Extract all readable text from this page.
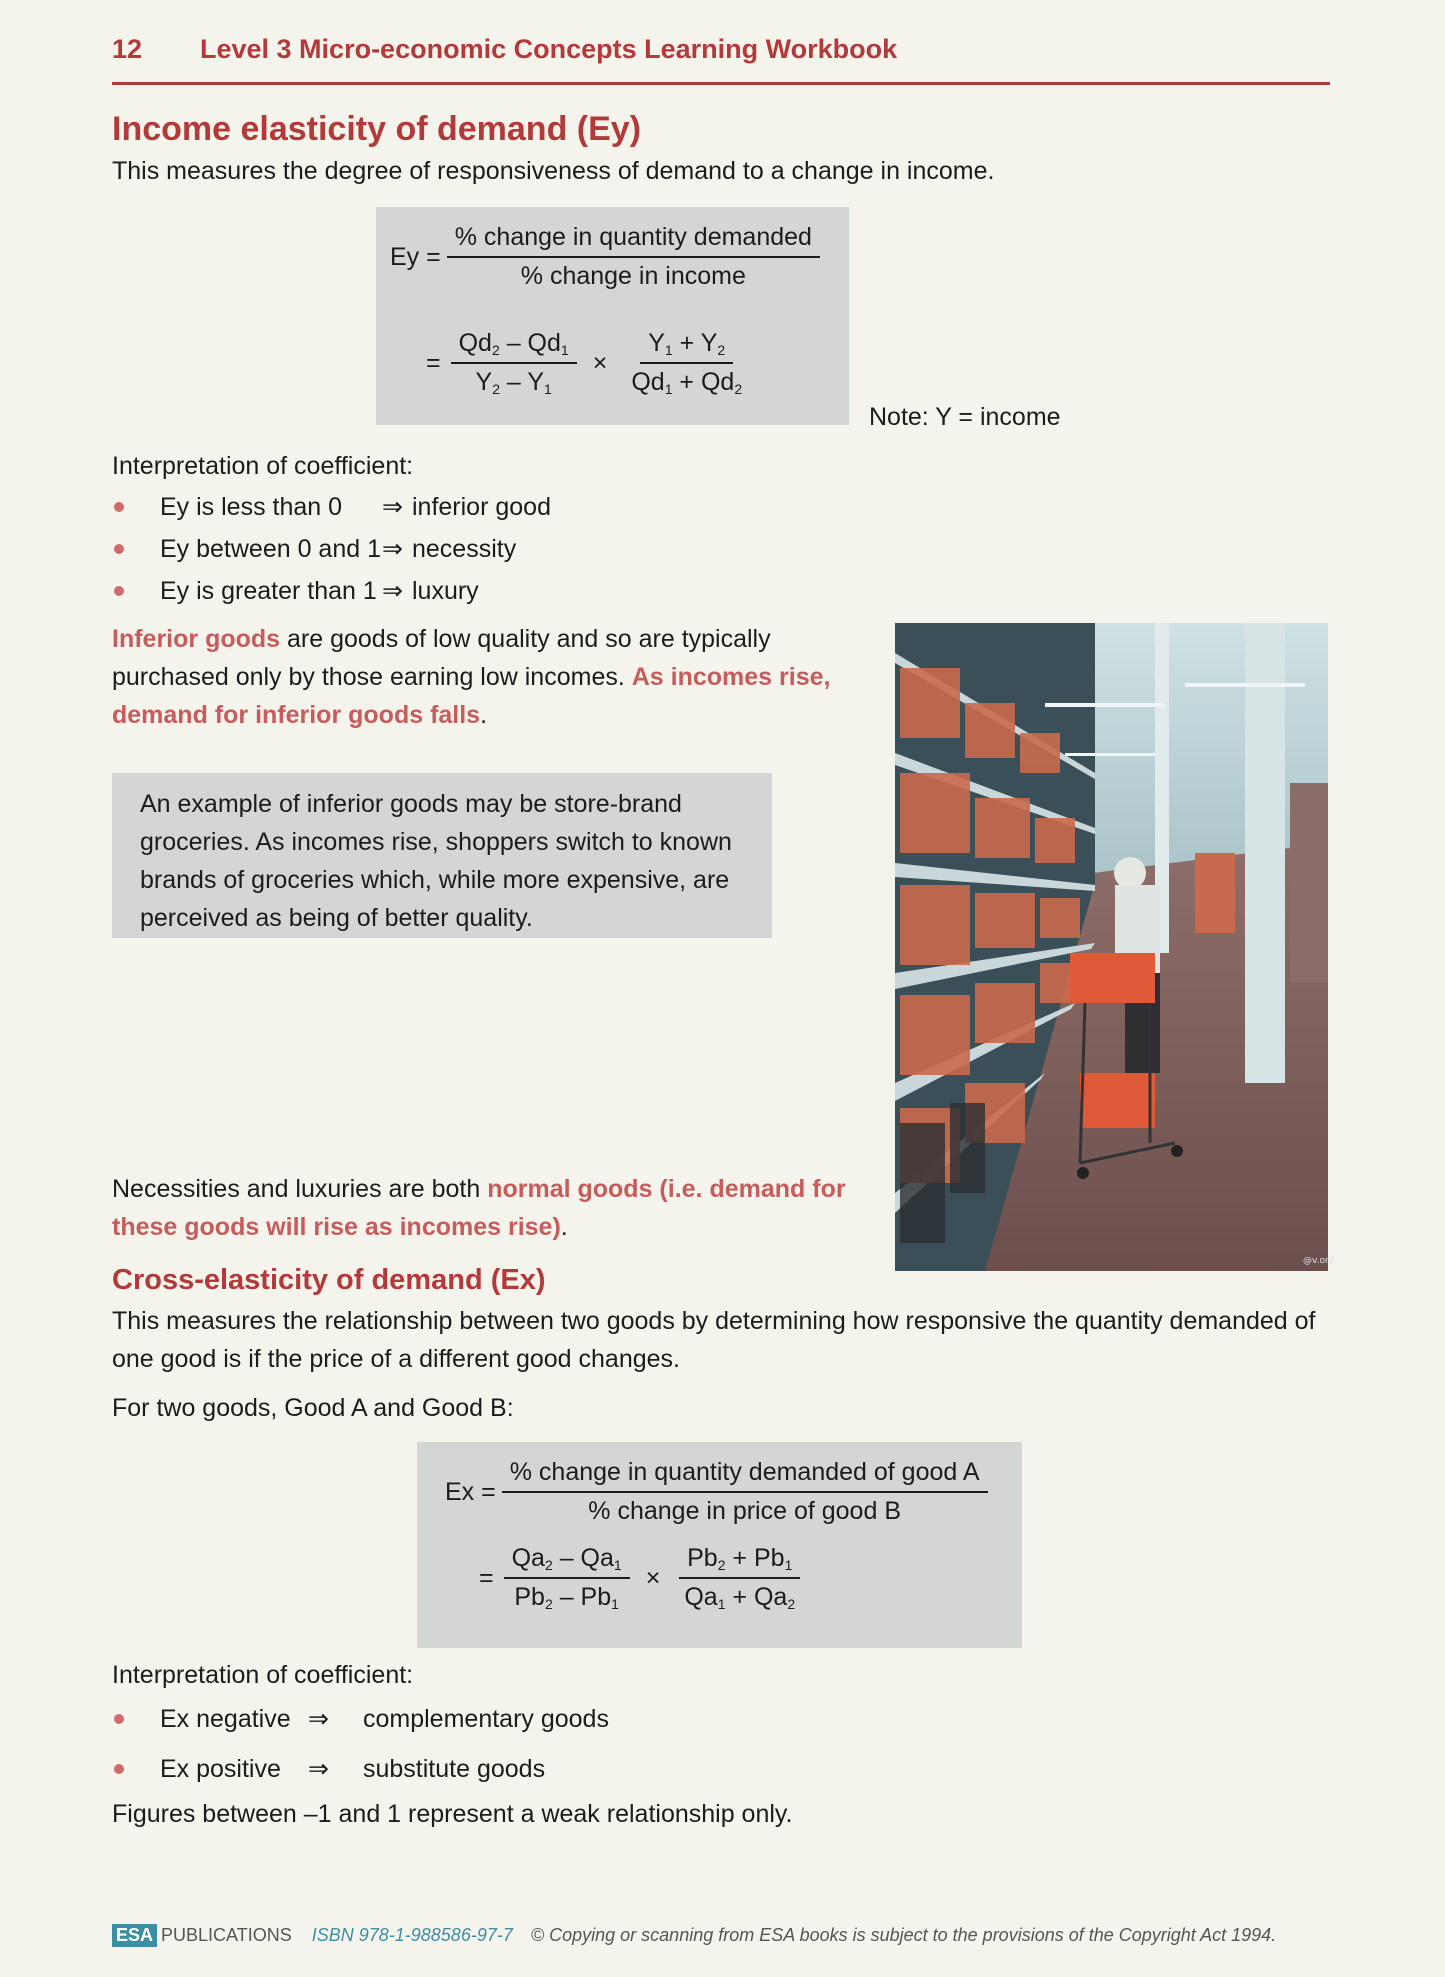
12 Level 3 Micro-economic Concepts Learning Workbook
Income elasticity of demand (Ey)
This measures the degree of responsiveness of demand to a change in income.
$Ey = \frac{\text{\% change in quantity demanded}}{\text{\% change in income}}$
= $\frac{Qd_2 - Qd_1}{Y_2 - Y_1} \times \frac{Y_1 + Y_2}{Qd_1 + Qd_2}$
Note: Y = income
Interpretation of coefficient:
Ey is less than 0	⇒ inferior good
Ey between 0 and 1 ⇒ necessity
Ey is greater than 1 ⇒ luxury
Inferior goods are goods of low quality and so are typically purchased only by those earning low incomes. As incomes rise, demand for inferior goods falls.
An example of inferior goods may be store-brand groceries. As incomes rise, shoppers switch to known brands of groceries which, while more expensive, are perceived as being of better quality.
Necessities and luxuries are both normal goods (i.e. demand for these goods will rise as incomes rise).
@v.or2
Cross-elasticity of demand (Ex)
This measures the relationship between two goods by determining how responsive the quantity demanded of one good is if the price of a different good changes.
For two goods, Good A and Good B:
$Ex = \frac{\text{\% change in quantity demanded of good A}}{\text{\% change in price of good B}}$
= $\frac{Qa_2 - Qa_1}{Pb_2 - Pb_1} \times \frac{Pb_2 + Pb_1}{Qa_1 + Qa_2}$
Interpretation of coefficient:
Ex negative ⇒	complementary goods
Ex positive	⇒	substitute goods
Figures between –1 and 1 represent a weak relationship only.
ESA PUBLICATIONS ISBN 978-1-988586-97-7 © Copying or scanning from ESA books is subject to the provisions of the Copyright Act 1994.
